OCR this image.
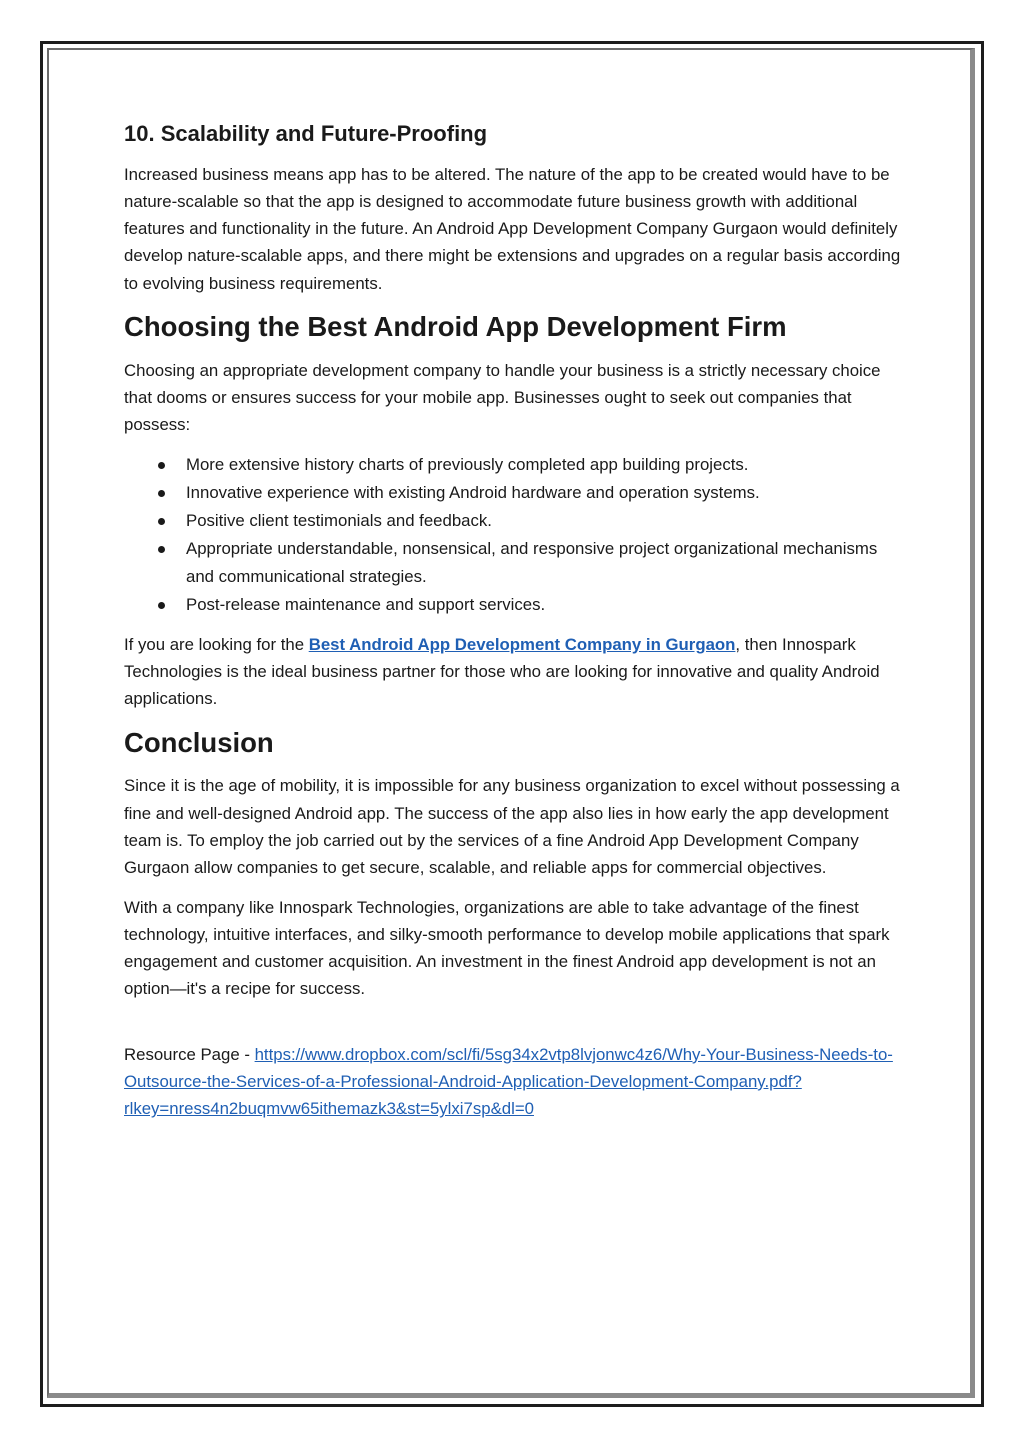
10. Scalability and Future-Proofing

Increased business means app has to be altered. The nature of the app to be created would have to be nature-scalable so that the app is designed to accommodate future business growth with additional features and functionality in the future. An Android App Development Company Gurgaon would definitely develop nature-scalable apps, and there might be extensions and upgrades on a regular basis according to evolving business requirements.

Choosing the Best Android App Development Firm

Choosing an appropriate development company to handle your business is a strictly necessary choice that dooms or ensures success for your mobile app. Businesses ought to seek out companies that possess:

More extensive history charts of previously completed app building projects.
Innovative experience with existing Android hardware and operation systems.
Positive client testimonials and feedback.
Appropriate understandable, nonsensical, and responsive project organizational mechanisms and communicational strategies.
Post-release maintenance and support services.

If you are looking for the Best Android App Development Company in Gurgaon, then Innospark Technologies is the ideal business partner for those who are looking for innovative and quality Android applications.

Conclusion

Since it is the age of mobility, it is impossible for any business organization to excel without possessing a fine and well-designed Android app. The success of the app also lies in how early the app development team is. To employ the job carried out by the services of a fine Android App Development Company Gurgaon allow companies to get secure, scalable, and reliable apps for commercial objectives.

With a company like Innospark Technologies, organizations are able to take advantage of the finest technology, intuitive interfaces, and silky-smooth performance to develop mobile applications that spark engagement and customer acquisition. An investment in the finest Android app development is not an option—it's a recipe for success.

Resource Page - https://www.dropbox.com/scl/fi/5sg34x2vtp8lvjonwc4z6/Why-Your-Business-Needs-to-Outsource-the-Services-of-a-Professional-Android-Application-Development-Company.pdf?rlkey=nress4n2buqmvw65ithemazk3&st=5ylxi7sp&dl=0
